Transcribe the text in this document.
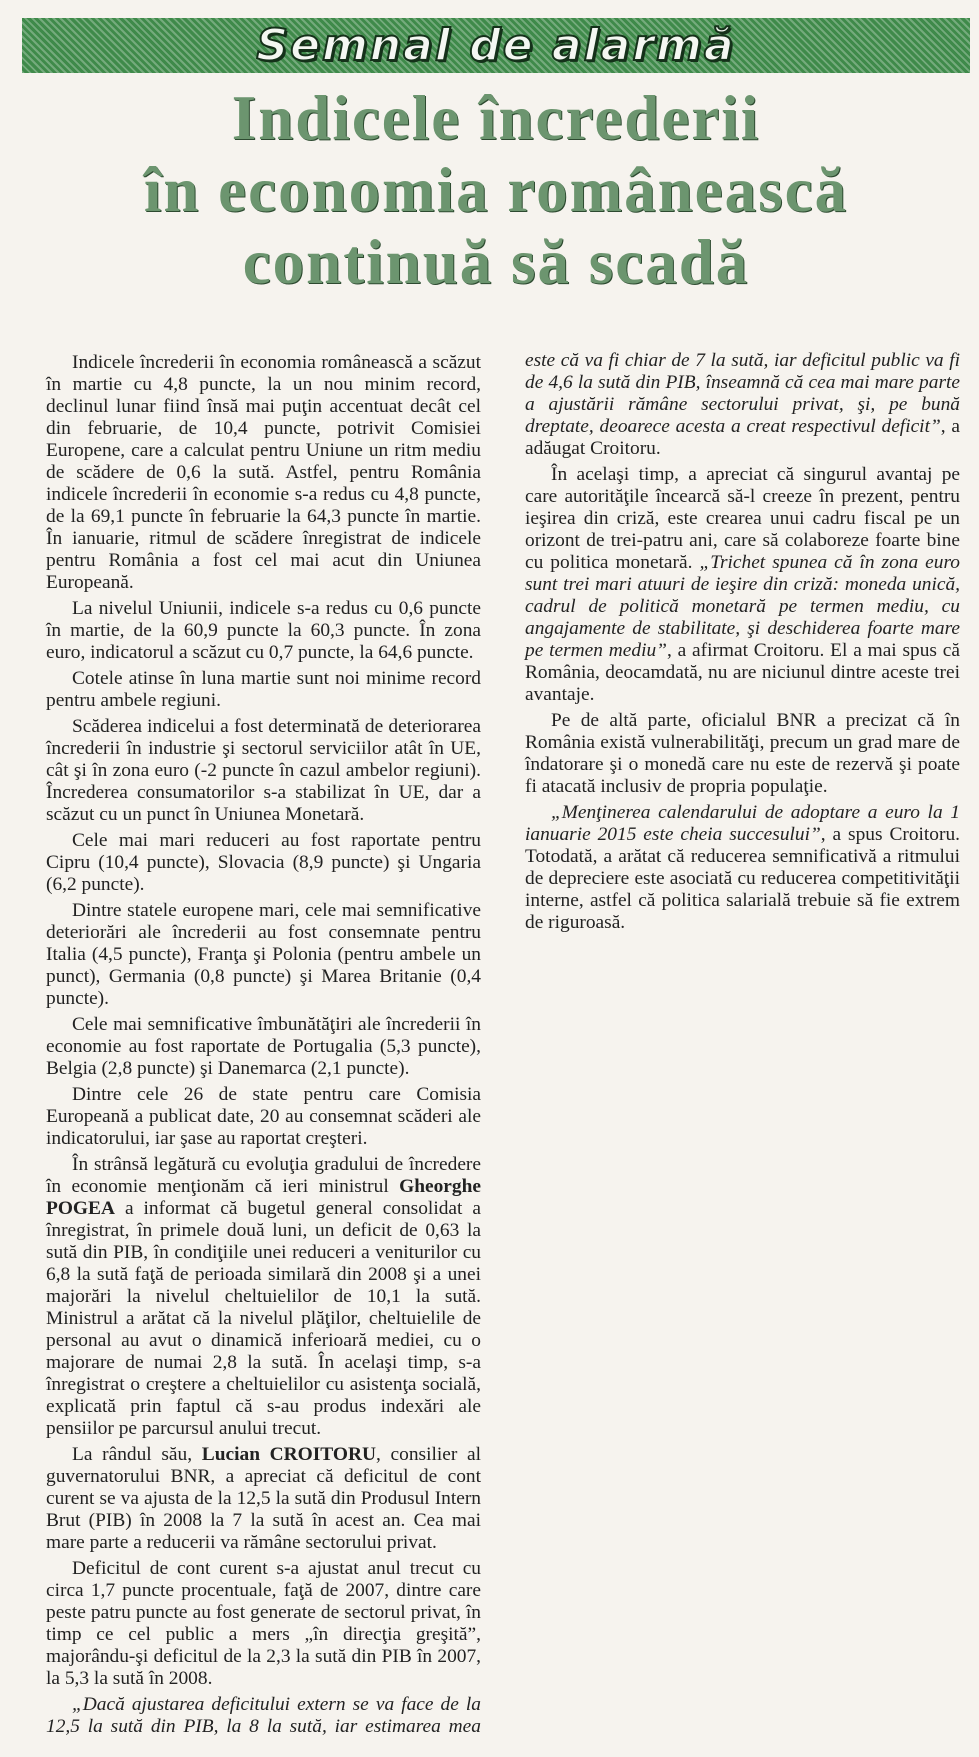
Semnal de alarmă
Indicele încrederii
în economia românească
continuă să scadă

Indicele încrederii în economia românească a scăzut în martie cu 4,8 puncte, la un nou minim record, declinul lunar fiind însă mai puţin accentuat decât cel din februarie, de 10,4 puncte, potrivit Comisiei Europene, care a calculat pentru Uniune un ritm mediu de scădere de 0,6 la sută. Astfel, pentru România indicele încrederii în economie s-a redus cu 4,8 puncte, de la 69,1 puncte în februarie la 64,3 puncte în martie. În ianuarie, ritmul de scădere înregistrat de indicele pentru România a fost cel mai acut din Uniunea Europeană.

La nivelul Uniunii, indicele s-a redus cu 0,6 puncte în martie, de la 60,9 puncte la 60,3 puncte. În zona euro, indicatorul a scăzut cu 0,7 puncte, la 64,6 puncte.

Cotele atinse în luna martie sunt noi minime record pentru ambele regiuni.

Scăderea indicelui a fost determinată de deteriorarea încrederii în industrie şi sectorul serviciilor atât în UE, cât şi în zona euro (-2 puncte în cazul ambelor regiuni). Încrederea consumatorilor s-a stabilizat în UE, dar a scăzut cu un punct în Uniunea Monetară.

Cele mai mari reduceri au fost raportate pentru Cipru (10,4 puncte), Slovacia (8,9 puncte) şi Ungaria (6,2 puncte).

Dintre statele europene mari, cele mai semnificative deteriorări ale încrederii au fost consemnate pentru Italia (4,5 puncte), Franţa şi Polonia (pentru ambele un punct), Germania (0,8 puncte) şi Marea Britanie (0,4 puncte).

Cele mai semnificative îmbunătăţiri ale încrederii în economie au fost raportate de Portugalia (5,3 puncte), Belgia (2,8 puncte) şi Danemarca (2,1 puncte).

Dintre cele 26 de state pentru care Comisia Europeană a publicat date, 20 au consemnat scăderi ale indicatorului, iar şase au raportat creşteri.

În strânsă legătură cu evoluţia gradului de încredere în economie menţionăm că ieri ministrul Gheorghe POGEA a informat că bugetul general consolidat a înregistrat, în primele două luni, un deficit de 0,63 la sută din PIB, în condiţiile unei reduceri a veniturilor cu 6,8 la sută faţă de perioada similară din 2008 şi a unei majorări la nivelul cheltuielilor de 10,1 la sută. Ministrul a arătat că la nivelul plăţilor, cheltuielile de personal au avut o dinamică inferioară mediei, cu o majorare de numai 2,8 la sută. În acelaşi timp, s-a înregistrat o creştere a cheltuielilor cu asistenţa socială, explicată prin faptul că s-au produs indexări ale pensiilor pe parcursul anului trecut.

La rândul său, Lucian CROITORU, consilier al guvernatorului BNR, a apreciat că deficitul de cont curent se va ajusta de la 12,5 la sută din Produsul Intern Brut (PIB) în 2008 la 7 la sută în acest an. Cea mai mare parte a reducerii va rămâne sectorului privat.

Deficitul de cont curent s-a ajustat anul trecut cu circa 1,7 puncte procentuale, faţă de 2007, dintre care peste patru puncte au fost generate de sectorul privat, în timp ce cel public a mers „în direcţia greşită”, majorându-şi deficitul de la 2,3 la sută din PIB în 2007, la 5,3 la sută în 2008.

„Dacă ajustarea deficitului extern se va face de la 12,5 la sută din PIB, la 8 la sută, iar estimarea mea este că va fi chiar de 7 la sută, iar deficitul public va fi de 4,6 la sută din PIB, înseamnă că cea mai mare parte a ajustării rămâne sectorului privat, şi, pe bună dreptate, deoarece acesta a creat respectivul deficit”, a adăugat Croitoru.

În acelaşi timp, a apreciat că singurul avantaj pe care autorităţile încearcă să-l creeze în prezent, pentru ieşirea din criză, este crearea unui cadru fiscal pe un orizont de trei-patru ani, care să colaboreze foarte bine cu politica monetară. „Trichet spunea că în zona euro sunt trei mari atuuri de ieşire din criză: moneda unică, cadrul de politică monetară pe termen mediu, cu angajamente de stabilitate, şi deschiderea foarte mare pe termen mediu”, a afirmat Croitoru. El a mai spus că România, deocamdată, nu are niciunul dintre aceste trei avantaje.

Pe de altă parte, oficialul BNR a precizat că în România există vulnerabilităţi, precum un grad mare de îndatorare şi o monedă care nu este de rezervă şi poate fi atacată inclusiv de propria populaţie.

„Menţinerea calendarului de adoptare a euro la 1 ianuarie 2015 este cheia succesului”, a spus Croitoru. Totodată, a arătat că reducerea semnificativă a ritmului de depreciere este asociată cu reducerea competitivităţii interne, astfel că politica salarială trebuie să fie extrem de riguroasă.
